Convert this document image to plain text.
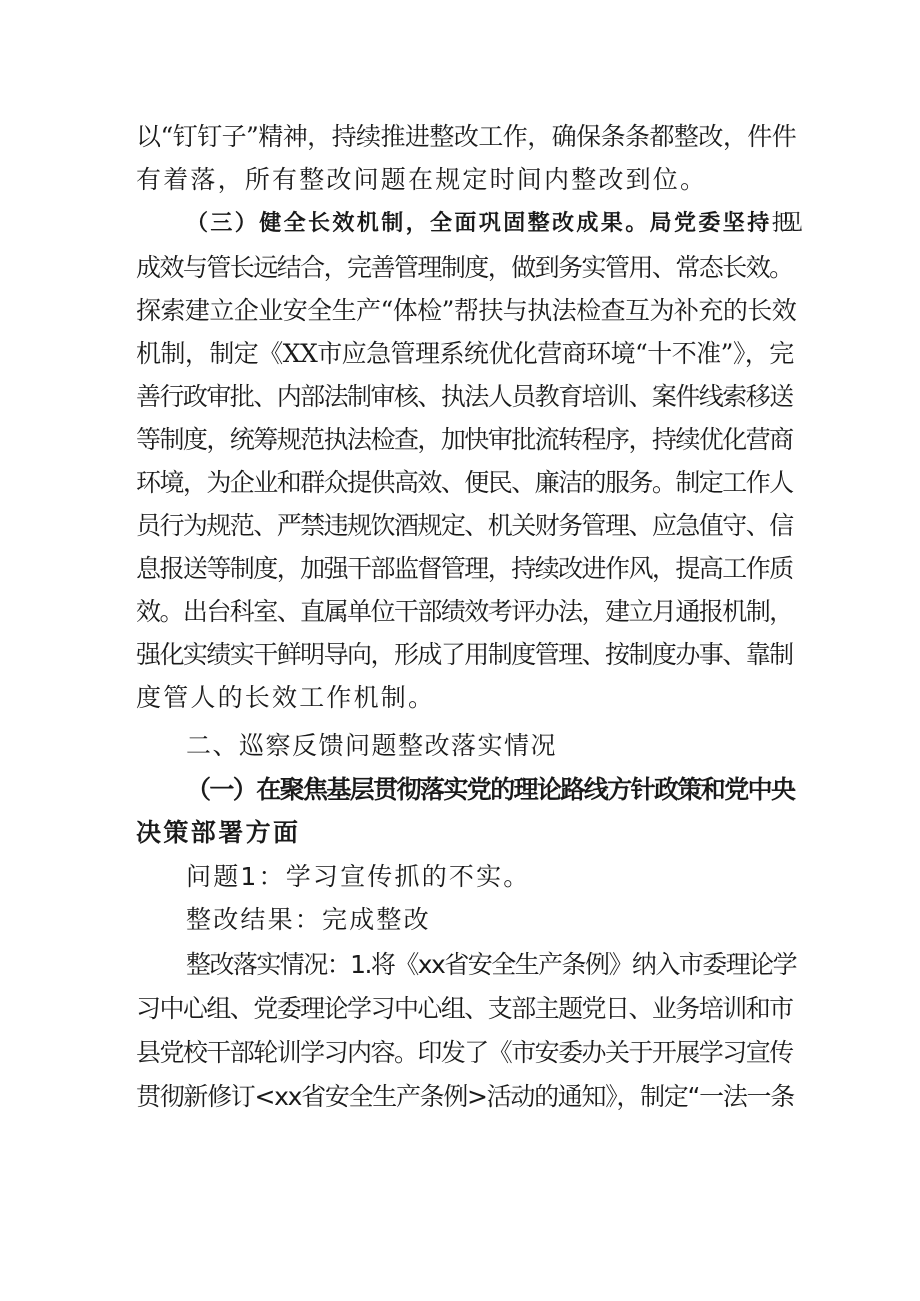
以“钉钉子”精神，持续推进整改工作，确保条条都整改，件件
有着落，所有整改问题在规定时间内整改到位。
（三）健全长效机制，全面巩固整改成果。局党委坚持把见
成效与管长远结合，完善管理制度，做到务实管用、常态长效。
探索建立企业安全生产“体检”帮扶与执法检查互为补充的长效
机制，制定《XX市应急管理系统优化营商环境“十不准”》，完
善行政审批、内部法制审核、执法人员教育培训、案件线索移送
等制度，统筹规范执法检查，加快审批流转程序，持续优化营商
环境，为企业和群众提供高效、便民、廉洁的服务。制定工作人
员行为规范、严禁违规饮酒规定、机关财务管理、应急值守、信
息报送等制度，加强干部监督管理，持续改进作风，提高工作质
效。出台科室、直属单位干部绩效考评办法，建立月通报机制，
强化实绩实干鲜明导向，形成了用制度管理、按制度办事、靠制
度管人的长效工作机制。
二、巡察反馈问题整改落实情况
（一）在聚焦基层贯彻落实党的理论路线方针政策和党中央
决策部署方面
问题1：学习宣传抓的不实。
整改结果：完成整改
整改落实情况：1.将《xx省安全生产条例》纳入市委理论学
习中心组、党委理论学习中心组、支部主题党日、业务培训和市
县党校干部轮训学习内容。印发了《市安委办关于开展学习宣传
贯彻新修订<xx省安全生产条例>活动的通知》，制定“一法一条
